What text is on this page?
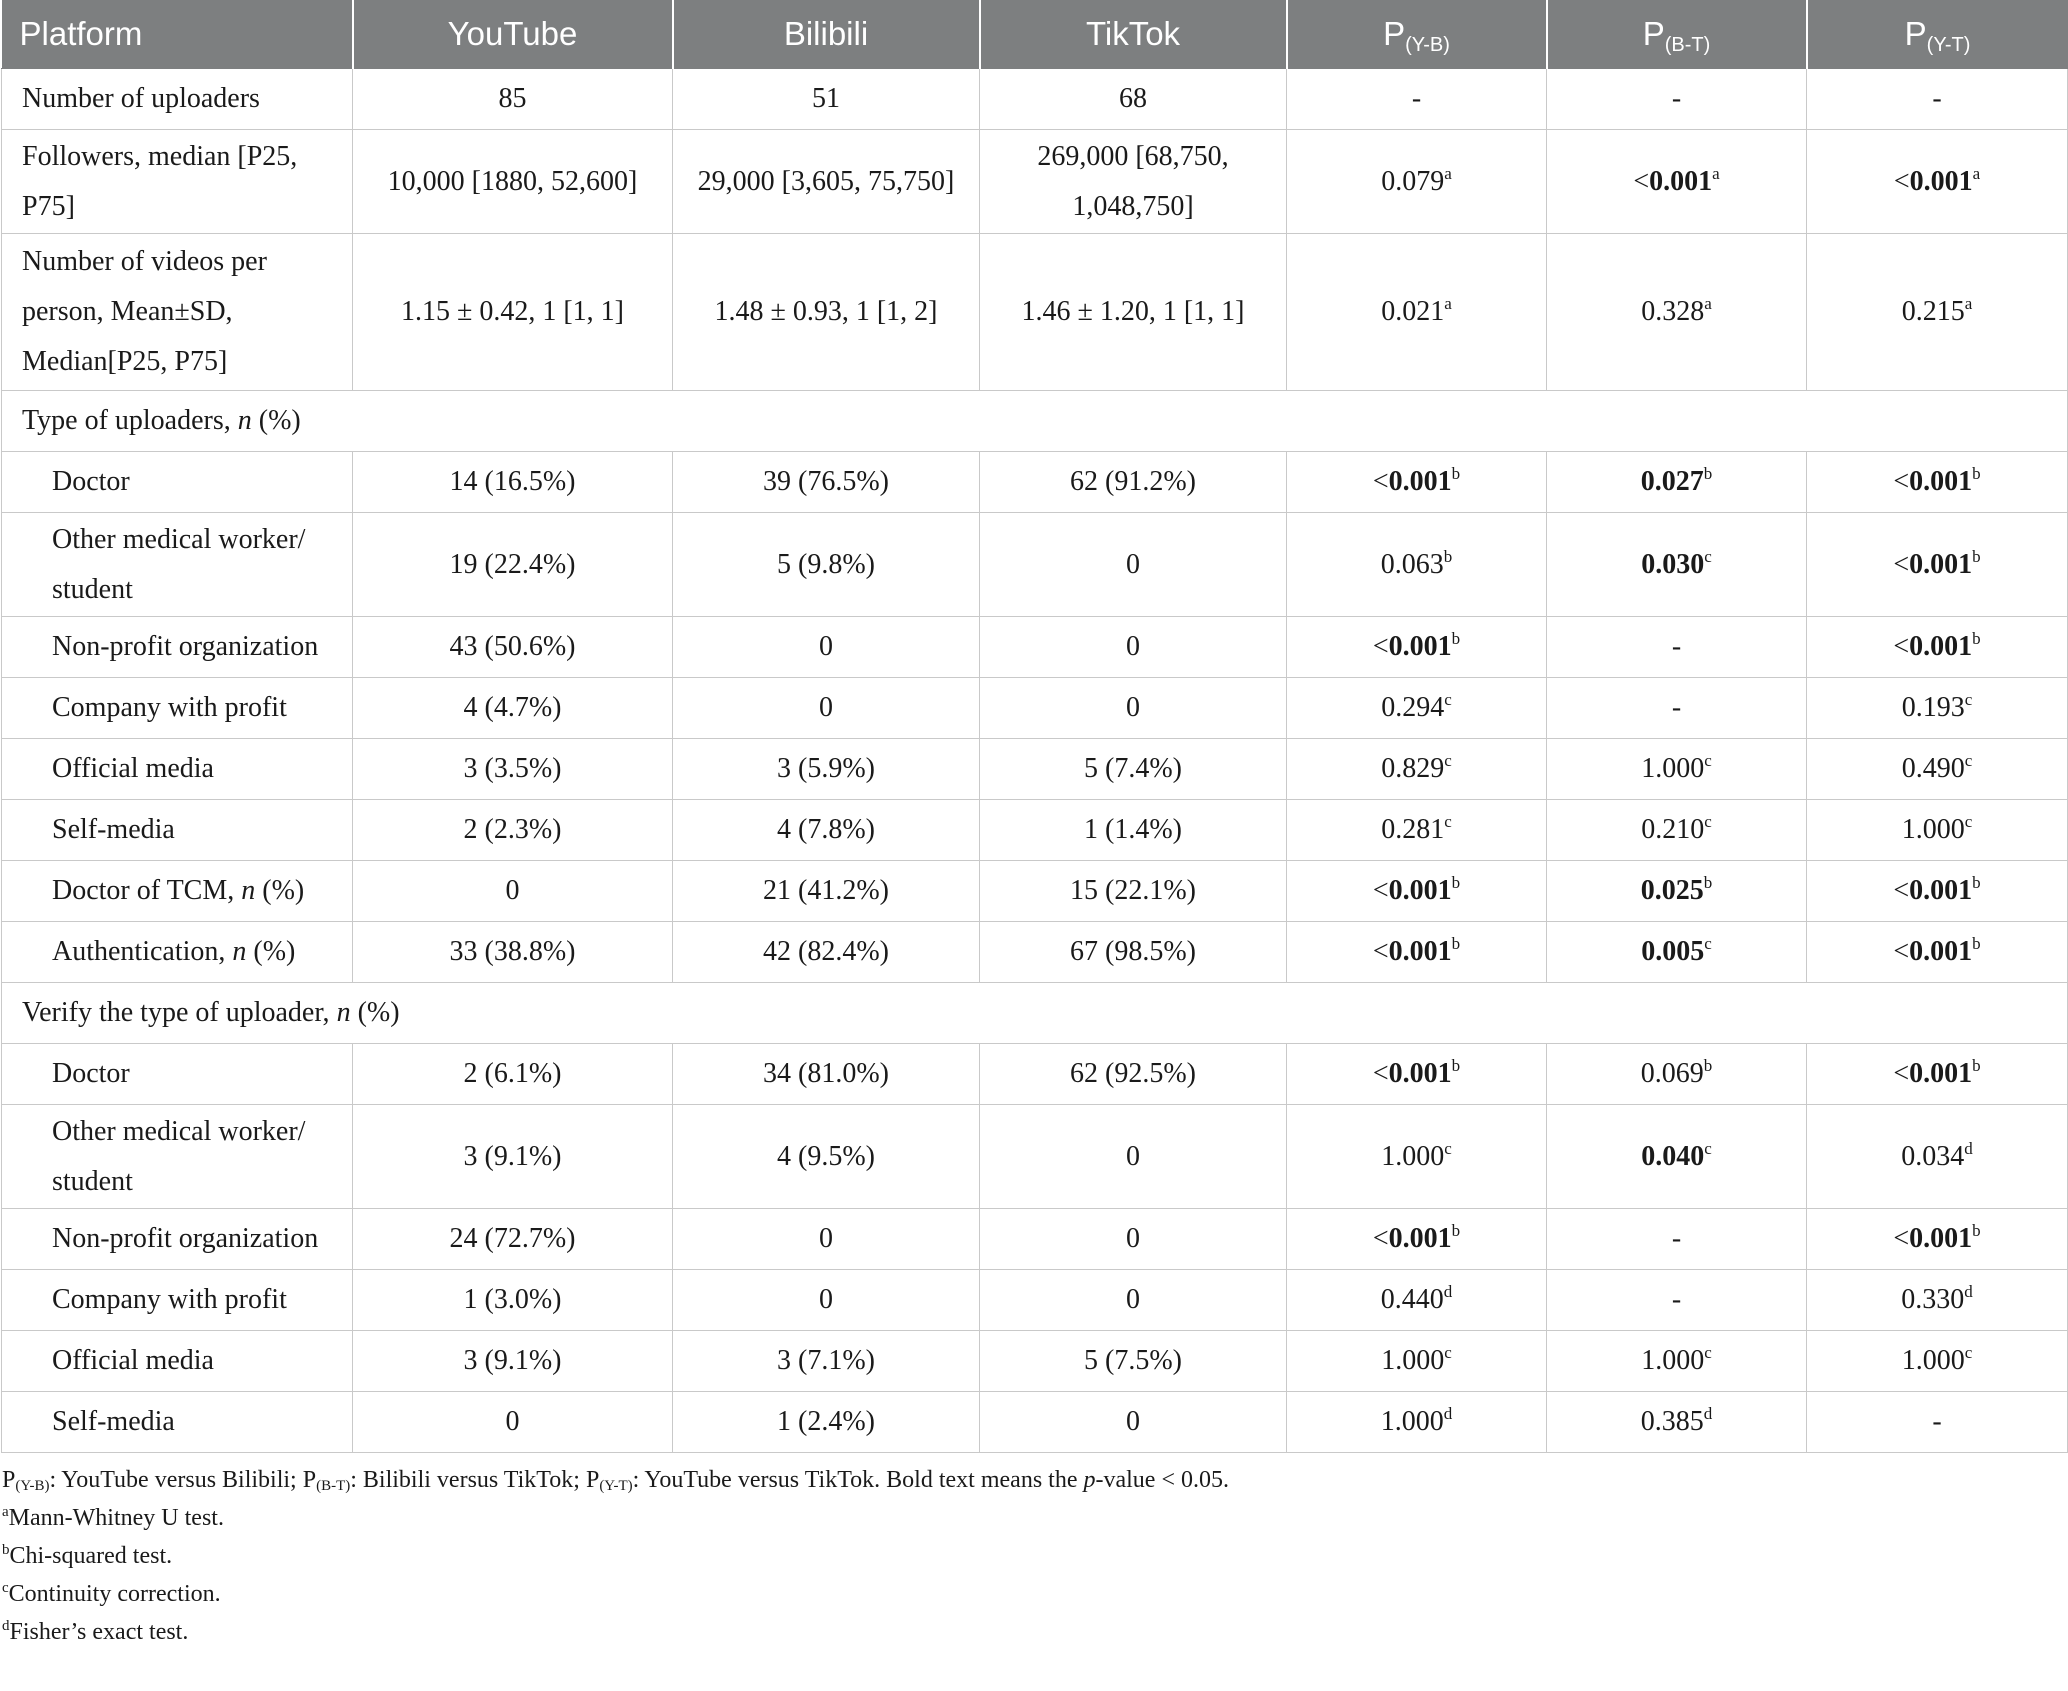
Platform	YouTube	Bilibili	TikTok	$P_{(Y-B)}$	$P_{(B-T)}$	$P_{(Y-T)}$
Number of uploaders	85	51	68	-	-	-
Followers, median [P25, P75]	10,000 [1880, 52,600]	29,000 [3,605, 75,750]	269,000 [68,750, 1,048,750]	0.079$^a$	<0.001$^a$	<0.001$^a$
Number of videos per person, Mean±SD, Median[P25, P75]	1.15 ± 0.42, 1 [1, 1]	1.48 ± 0.93, 1 [1, 2]	1.46 ± 1.20, 1 [1, 1]	0.021$^a$	0.328$^a$	0.215$^a$
Type of uploaders, n (%)						
Doctor	14 (16.5%)	39 (76.5%)	62 (91.2%)	<0.001$^b$	0.027$^b$	<0.001$^b$
Other medical worker/ student	19 (22.4%)	5 (9.8%)	0	0.063$^b$	0.030$^c$	<0.001$^b$
Non-profit organization	43 (50.6%)	0	0	<0.001$^b$	-	<0.001$^b$
Company with profit	4 (4.7%)	0	0	0.294$^c$	-	0.193$^c$
Official media	3 (3.5%)	3 (5.9%)	5 (7.4%)	0.829$^c$	1.000$^c$	0.490$^c$
Self-media	2 (2.3%)	4 (7.8%)	1 (1.4%)	0.281$^c$	0.210$^c$	1.000$^c$
Doctor of TCM, n (%)	0	21 (41.2%)	15 (22.1%)	<0.001$^b$	0.025$^b$	<0.001$^b$
Authentication, n (%)	33 (38.8%)	42 (82.4%)	67 (98.5%)	<0.001$^b$	0.005$^c$	<0.001$^b$
Verify the type of uploader, n (%)						
Doctor	2 (6.1%)	34 (81.0%)	62 (92.5%)	<0.001$^b$	0.069$^b$	<0.001$^b$
Other medical worker/ student	3 (9.1%)	4 (9.5%)	0	1.000$^c$	0.040$^c$	0.034$^d$
Non-profit organization	24 (72.7%)	0	0	<0.001$^b$	-	<0.001$^b$
Company with profit	1 (3.0%)	0	0	0.440$^d$	-	0.330$^d$
Official media	3 (9.1%)	3 (7.1%)	5 (7.5%)	1.000$^c$	1.000$^c$	1.000$^c$
Self-media	0	1 (2.4%)	0	1.000$^d$	0.385$^d$	-
$P_{(Y-B)}$: YouTube versus Bilibili; $P_{(B-T)}$: Bilibili versus TikTok; $P_{(Y-T)}$: YouTube versus TikTok. Bold text means the p-value < 0.05.
$^a$Mann-Whitney U test.
$^b$Chi-squared test.
$^c$Continuity correction.
$^d$Fisher’s exact test.
